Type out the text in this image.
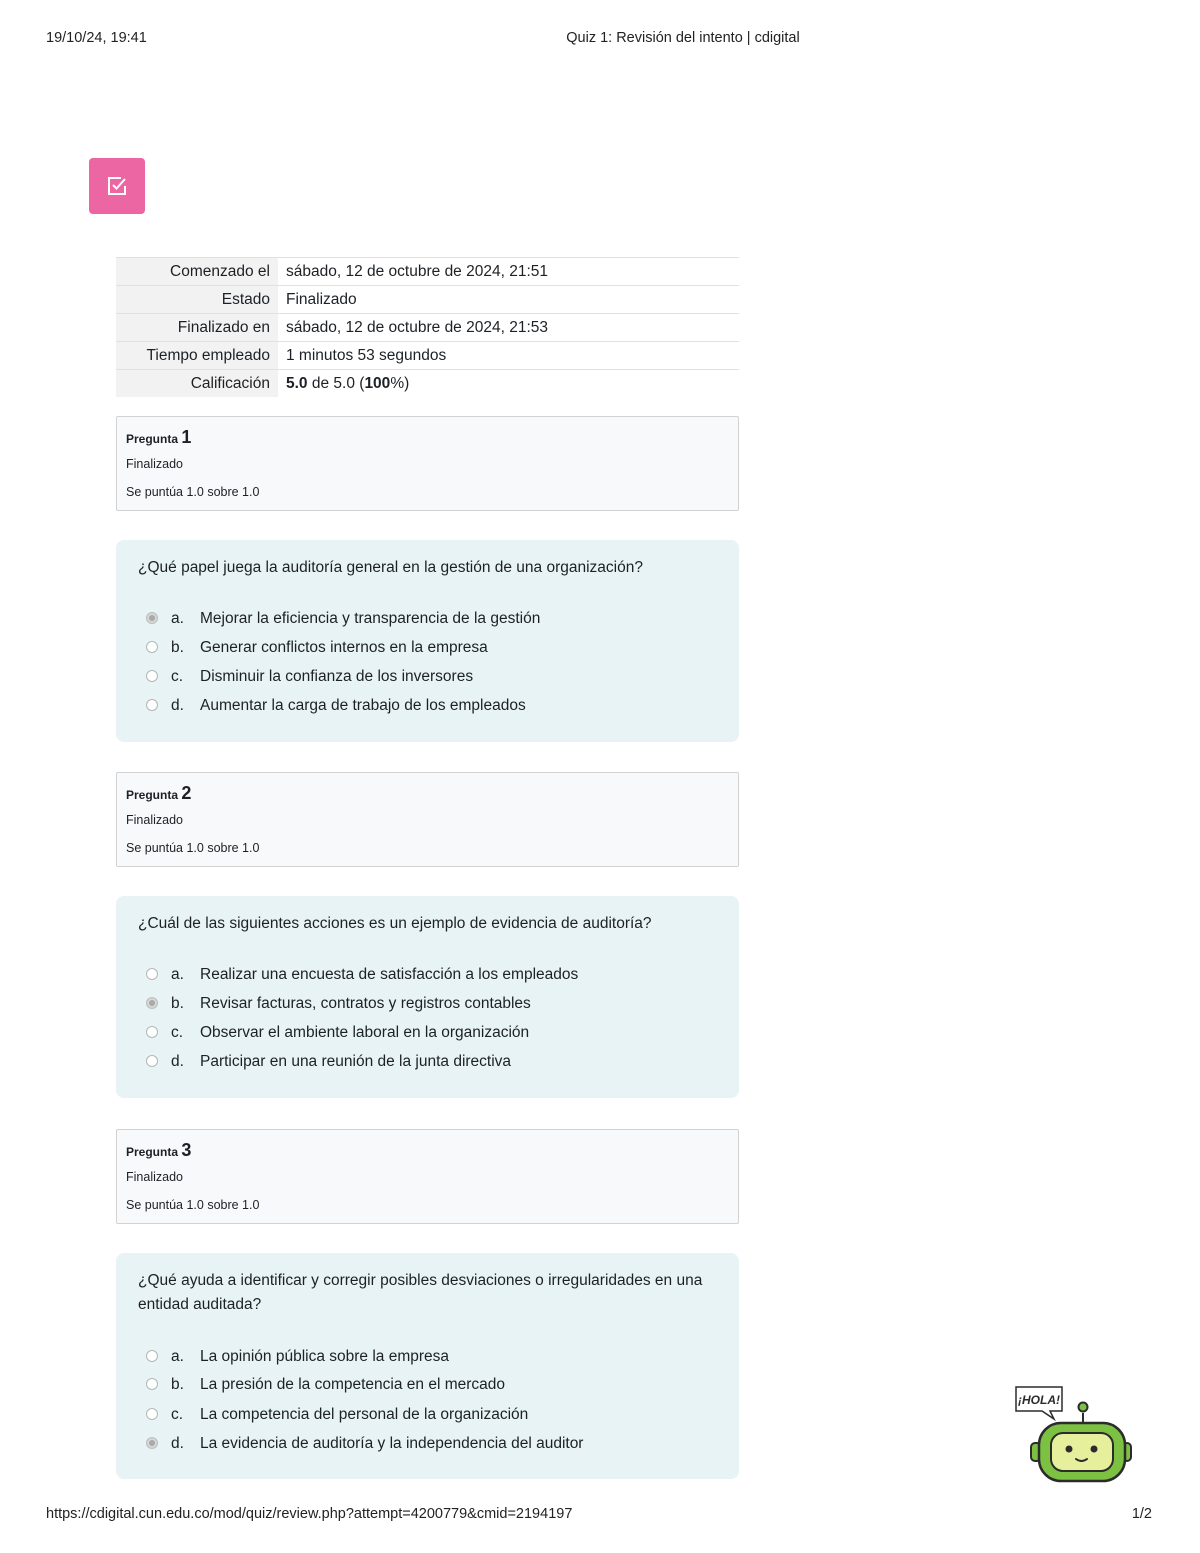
19/10/24, 19:41	Quiz 1: Revisión del intento | cdigital
Comenzado el	sábado, 12 de octubre de 2024, 21:51
Estado	Finalizado
Finalizado en	sábado, 12 de octubre de 2024, 21:53
Tiempo empleado	1 minutos 53 segundos
Calificación	5.0 de 5.0 (100%)
Pregunta 1
Finalizado
Se puntúa 1.0 sobre 1.0
¿Qué papel juega la auditoría general en la gestión de una organización?
a. Mejorar la eficiencia y transparencia de la gestión
b. Generar conflictos internos en la empresa
c. Disminuir la confianza de los inversores
d. Aumentar la carga de trabajo de los empleados
Pregunta 2
Finalizado
Se puntúa 1.0 sobre 1.0
¿Cuál de las siguientes acciones es un ejemplo de evidencia de auditoría?
a. Realizar una encuesta de satisfacción a los empleados
b. Revisar facturas, contratos y registros contables
c. Observar el ambiente laboral en la organización
d. Participar en una reunión de la junta directiva
Pregunta 3
Finalizado
Se puntúa 1.0 sobre 1.0
¿Qué ayuda a identificar y corregir posibles desviaciones o irregularidades en una entidad auditada?
a. La opinión pública sobre la empresa
b. La presión de la competencia en el mercado
c. La competencia del personal de la organización
d. La evidencia de auditoría y la independencia del auditor
¡HOLA!
https://cdigital.cun.edu.co/mod/quiz/review.php?attempt=4200779&cmid=2194197	1/2
